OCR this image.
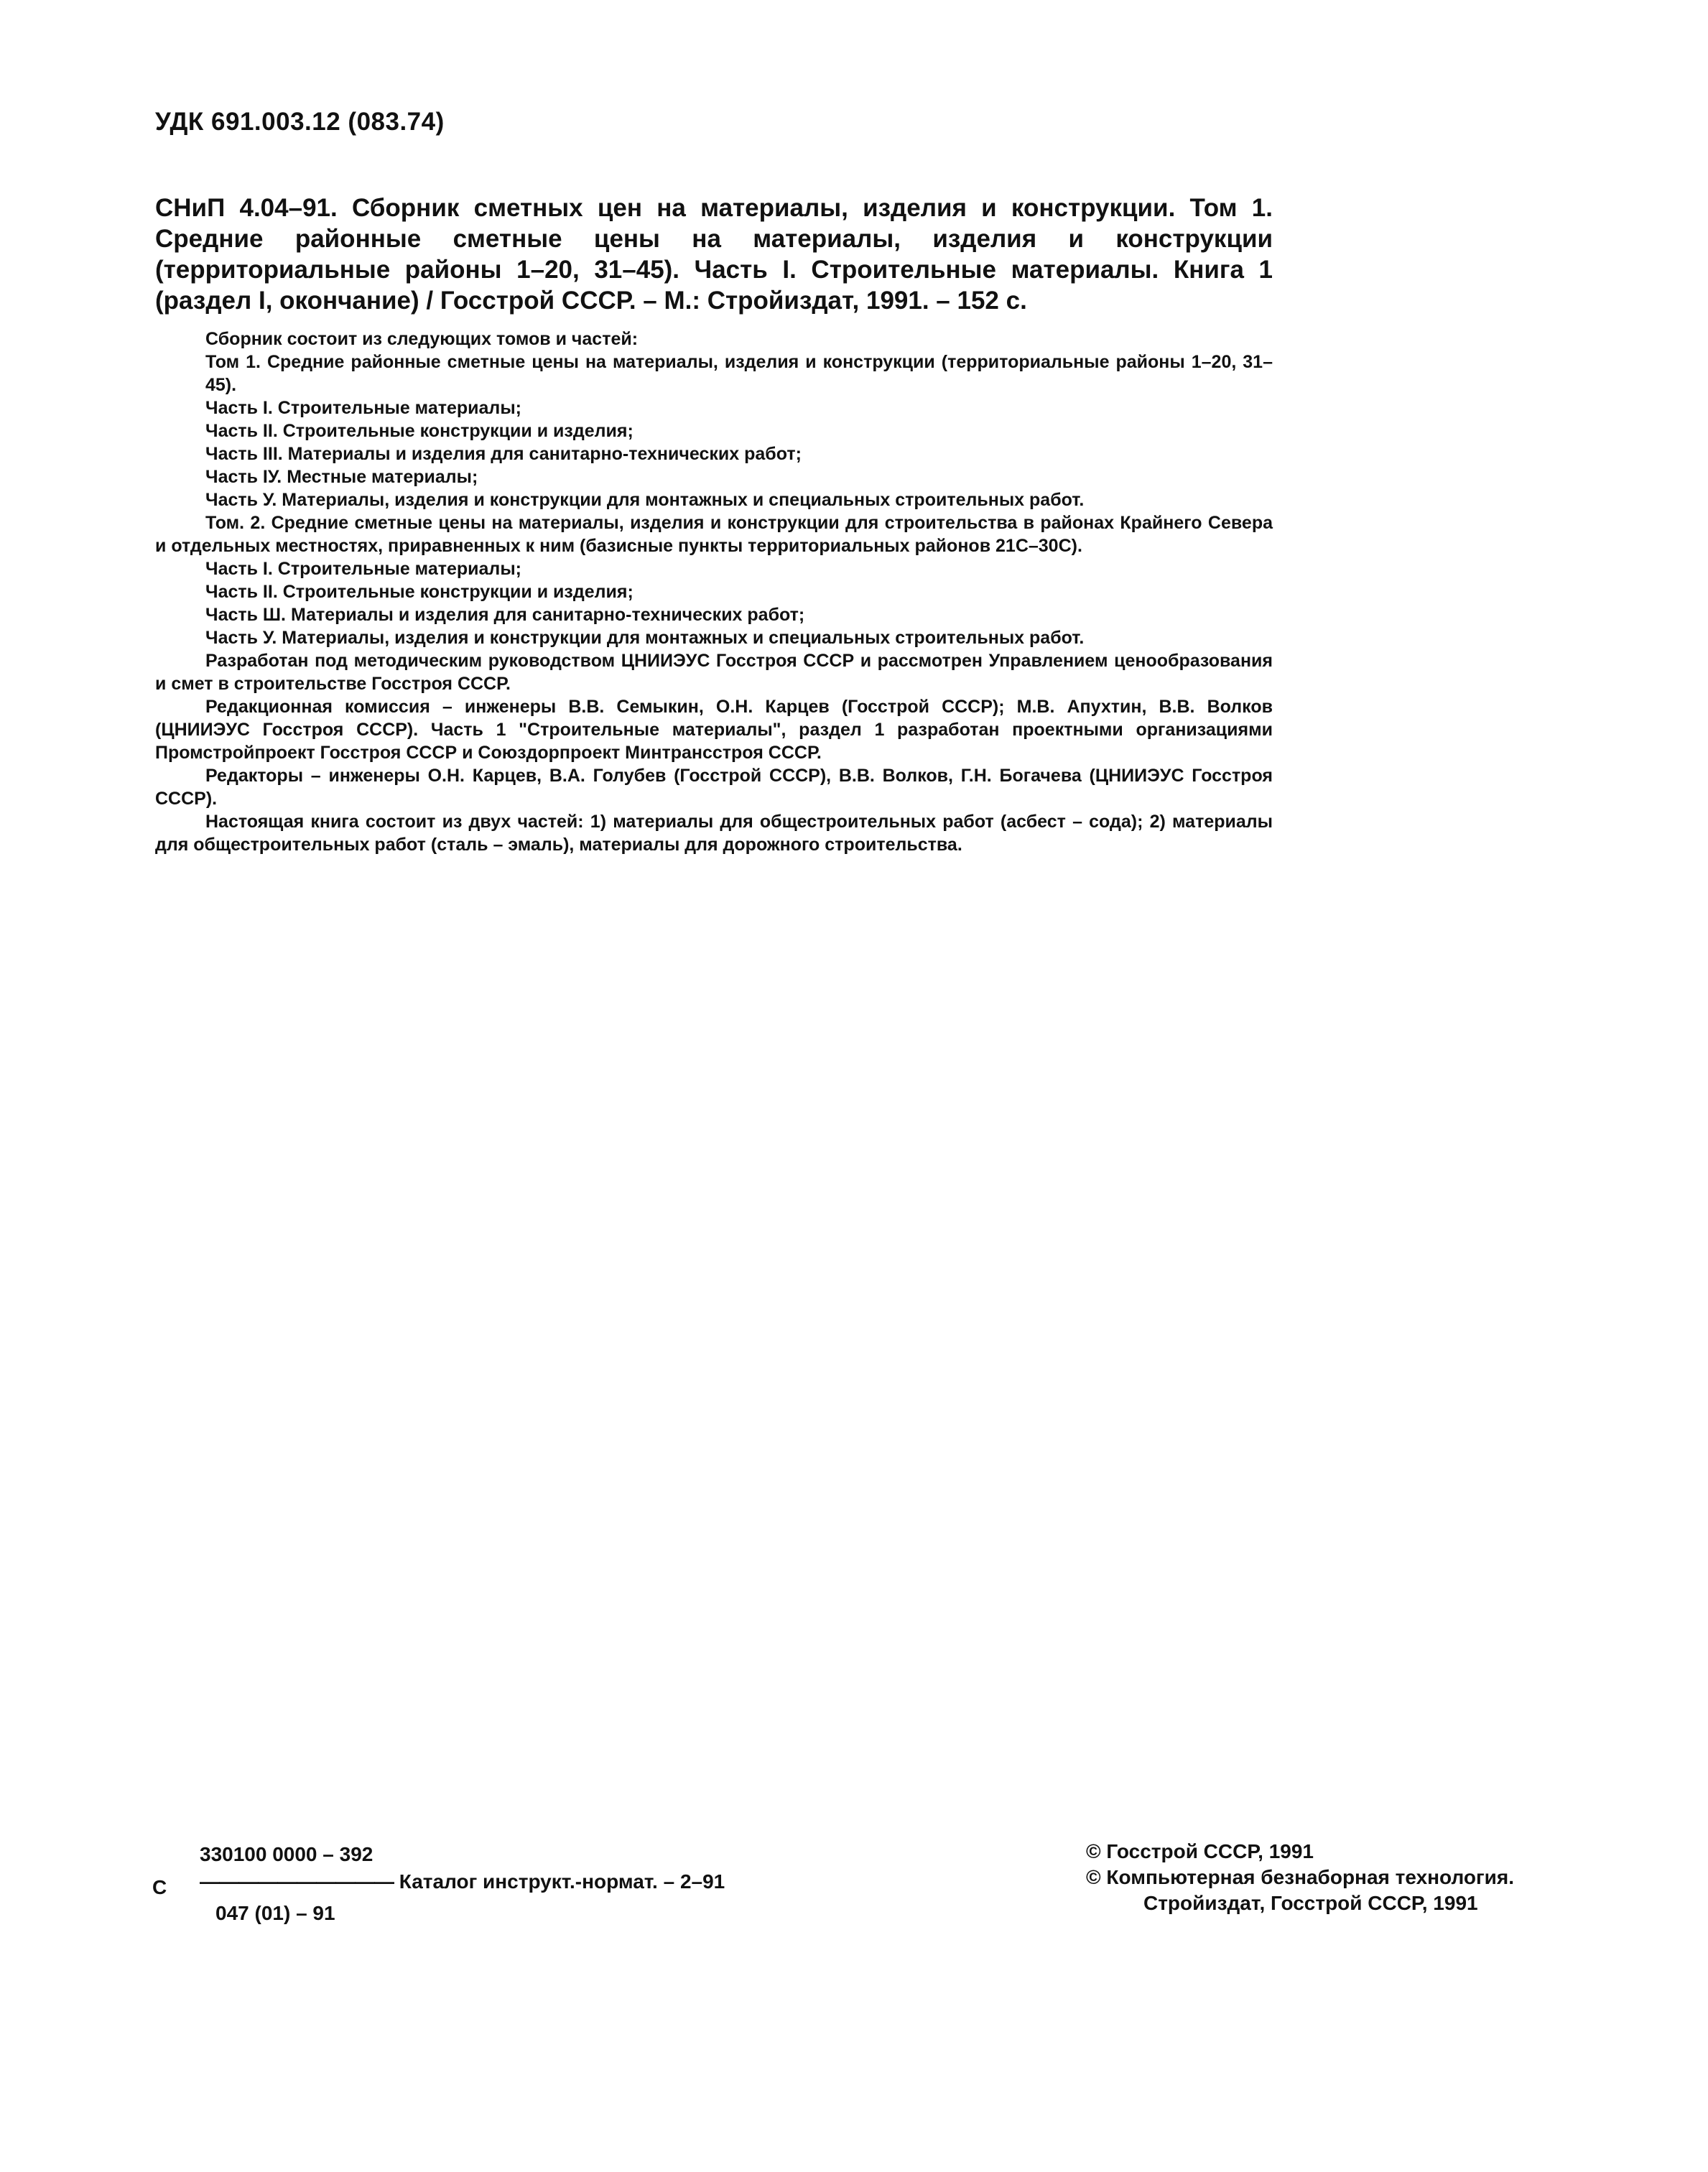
УДК 691.003.12 (083.74)
СНиП 4.04–91. Сборник сметных цен на материалы, изделия и конструкции. Том 1. Средние районные сметные цены на материалы, изделия и конструкции (территориальные районы 1–20, 31–45). Часть I. Строительные материалы. Книга 1 (раздел I, окончание) / Госстрой СССР. – М.: Стройиздат, 1991. – 152 с.

Сборник состоит из следующих томов и частей:

Том 1. Средние районные сметные цены на материалы, изделия и конструкции (территориальные районы 1–20, 31–45).

Часть I. Строительные материалы;

Часть II. Строительные конструкции и изделия;

Часть III. Материалы и изделия для санитарно-технических работ;

Часть IУ. Местные материалы;

Часть У. Материалы, изделия и конструкции для монтажных и специальных строительных работ.

Том. 2. Средние сметные цены на материалы, изделия и конструкции для строительства в районах Крайнего Севера и отдельных местностях, приравненных к ним (базисные пункты территориальных районов 21С–30С).

Часть I. Строительные материалы;

Часть II. Строительные конструкции и изделия;

Часть Ш. Материалы и изделия для санитарно-технических работ;

Часть У. Материалы, изделия и конструкции для монтажных и специальных строительных работ.

Разработан под методическим руководством ЦНИИЭУС Госстроя СССР и рассмотрен Управлением ценообразования и смет в строительстве Госстроя СССР.

Редакционная комиссия – инженеры В.В. Семыкин, О.Н. Карцев (Госстрой СССР); М.В. Апухтин, В.В. Волков (ЦНИИЭУС Госстроя СССР). Часть 1 "Строительные материалы", раздел 1 разработан проектными организациями Промстройпроект Госстроя СССР и Союздорпроект Минтрансстроя СССР.

Редакторы – инженеры О.Н. Карцев, В.А. Голубев (Госстрой СССР), В.В. Волков, Г.Н. Богачева (ЦНИИЭУС Госстроя СССР).

Настоящая книга состоит из двух частей: 1) материалы для общестроительных работ (асбест – сода); 2) материалы для общестроительных работ (сталь – эмаль), материалы для дорожного строительства.

С
330100 0000 – 392
—————————— Каталог инструкт.-нормат. – 2–91
047 (01) – 91
© Госстрой СССР, 1991
© Компьютерная безнаборная технология.
Стройиздат, Госстрой СССР, 1991
